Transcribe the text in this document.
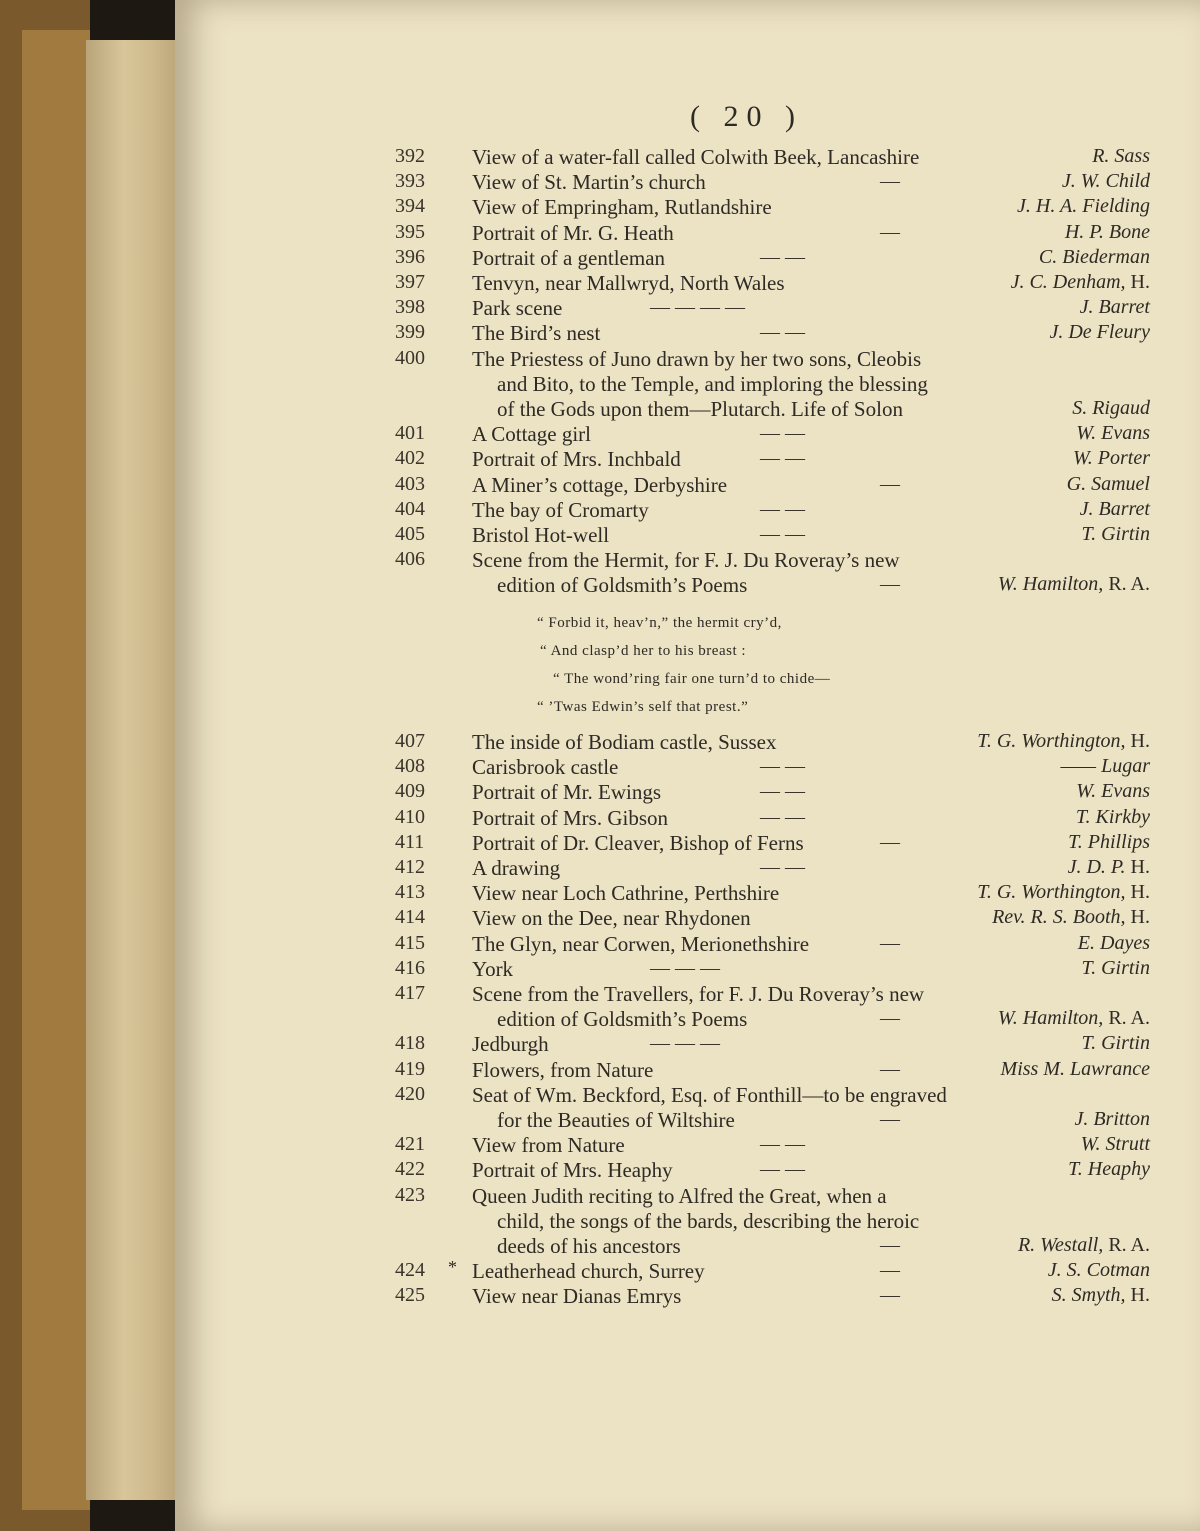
( 20 )
392 View of a water-fall called Colwith Beek, Lancashire	R. Sass
393 View of St. Martin’s church	—	J. W. Child
394 View of Empringham, Rutlandshire	J. H. A. Fielding
395 Portrait of Mr. G. Heath	—	H. P. Bone
396 Portrait of a gentleman	— —	C. Biederman
397 Tenvyn, near Mallwryd, North Wales	J. C. Denham, H.
398 Park scene	— — — —	J. Barret
399 The Bird’s nest	— —	J. De Fleury
400 The Priestess of Juno drawn by her two sons, Cleobis
and Bito, to the Temple, and imploring the blessing
of the Gods upon them—Plutarch. Life of Solon	S. Rigaud
401 A Cottage girl	— —	W. Evans
402 Portrait of Mrs. Inchbald	— —	W. Porter
403 A Miner’s cottage, Derbyshire	—	G. Samuel
404 The bay of Cromarty	— —	J. Barret
405 Bristol Hot-well	— —	T. Girtin
406 Scene from the Hermit, for F. J. Du Roveray’s new
edition of Goldsmith’s Poems	—	W. Hamilton, R. A.
“ Forbid it, heav’n,” the hermit cry’d,
“ And clasp’d her to his breast :
“ The wond’ring fair one turn’d to chide—
“ ’Twas Edwin’s self that prest.”
407 The inside of Bodiam castle, Sussex	T. G. Worthington, H.
408 Carisbrook castle	— —	—— Lugar
409 Portrait of Mr. Ewings	— —	W. Evans
410 Portrait of Mrs. Gibson	— —	T. Kirkby
411 Portrait of Dr. Cleaver, Bishop of Ferns	—	T. Phillips
412 A drawing	— —	J. D. P. H.
413 View near Loch Cathrine, Perthshire	T. G. Worthington, H.
414 View on the Dee, near Rhydonen	Rev. R. S. Booth, H.
415 The Glyn, near Corwen, Merionethshire	—	E. Dayes
416 York	— — —	T. Girtin
417 Scene from the Travellers, for F. J. Du Roveray’s new
edition of Goldsmith’s Poems	—	W. Hamilton, R. A.
418 Jedburgh	— — —	T. Girtin
419 Flowers, from Nature	—	Miss M. Lawrance
420 Seat of Wm. Beckford, Esq. of Fonthill—to be engraved
for the Beauties of Wiltshire	—	J. Britton
421 View from Nature	— —	W. Strutt
422 Portrait of Mrs. Heaphy	— —	T. Heaphy
423 Queen Judith reciting to Alfred the Great, when a
child, the songs of the bards, describing the heroic
deeds of his ancestors	—	R. Westall, R. A.
424 * Leatherhead church, Surrey	—	J. S. Cotman
425 View near Dianas Emrys	—	S. Smyth, H.
